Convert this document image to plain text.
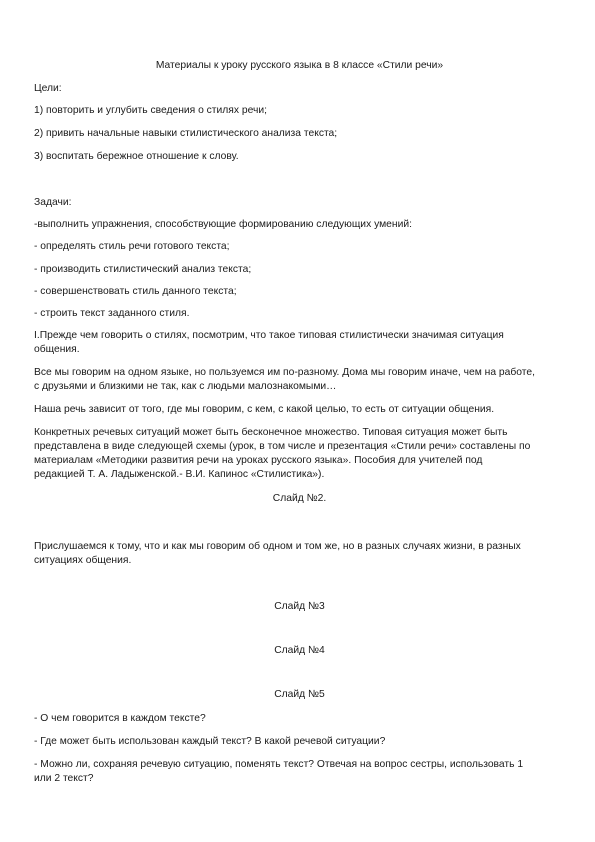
Материалы к уроку русского языка в 8 классе «Стили речи»
Цели:
1) повторить и углубить сведения о стилях речи;
2) привить начальные навыки стилистического анализа текста;
3) воспитать бережное отношение к слову.
Задачи:
-выполнить упражнения, способствующие формированию следующих умений:
- определять стиль речи готового текста;
- производить стилистический анализ текста;
- совершенствовать стиль данного текста;
- строить текст заданного стиля.
I.Прежде чем говорить о стилях, посмотрим, что такое типовая стилистически значимая ситуация
общения.
Все мы говорим на одном языке, но пользуемся им по-разному. Дома мы говорим иначе, чем на работе,
с друзьями и близкими не так, как с людьми малознакомыми…
Наша речь зависит от того, где мы говорим, с кем, с какой целью, то есть от ситуации общения.
Конкретных речевых ситуаций может быть бесконечное множество. Типовая ситуация может быть
представлена в виде следующей схемы (урок, в том числе и презентация «Стили речи» составлены по
материалам «Методики развития речи на уроках русского языка». Пособия для учителей под
редакцией Т. А. Ладыженской.- В.И. Капинос «Стилистика»).
Слайд №2.
Прислушаемся к тому, что и как мы говорим об одном и том же, но в разных случаях жизни, в разных
ситуациях общения.
Слайд №3
Слайд №4
Слайд №5
- О чем говорится в каждом тексте?
- Где может быть использован каждый текст? В какой речевой ситуации?
- Можно ли, сохраняя речевую ситуацию, поменять текст? Отвечая на вопрос сестры, использовать 1
или 2 текст?
